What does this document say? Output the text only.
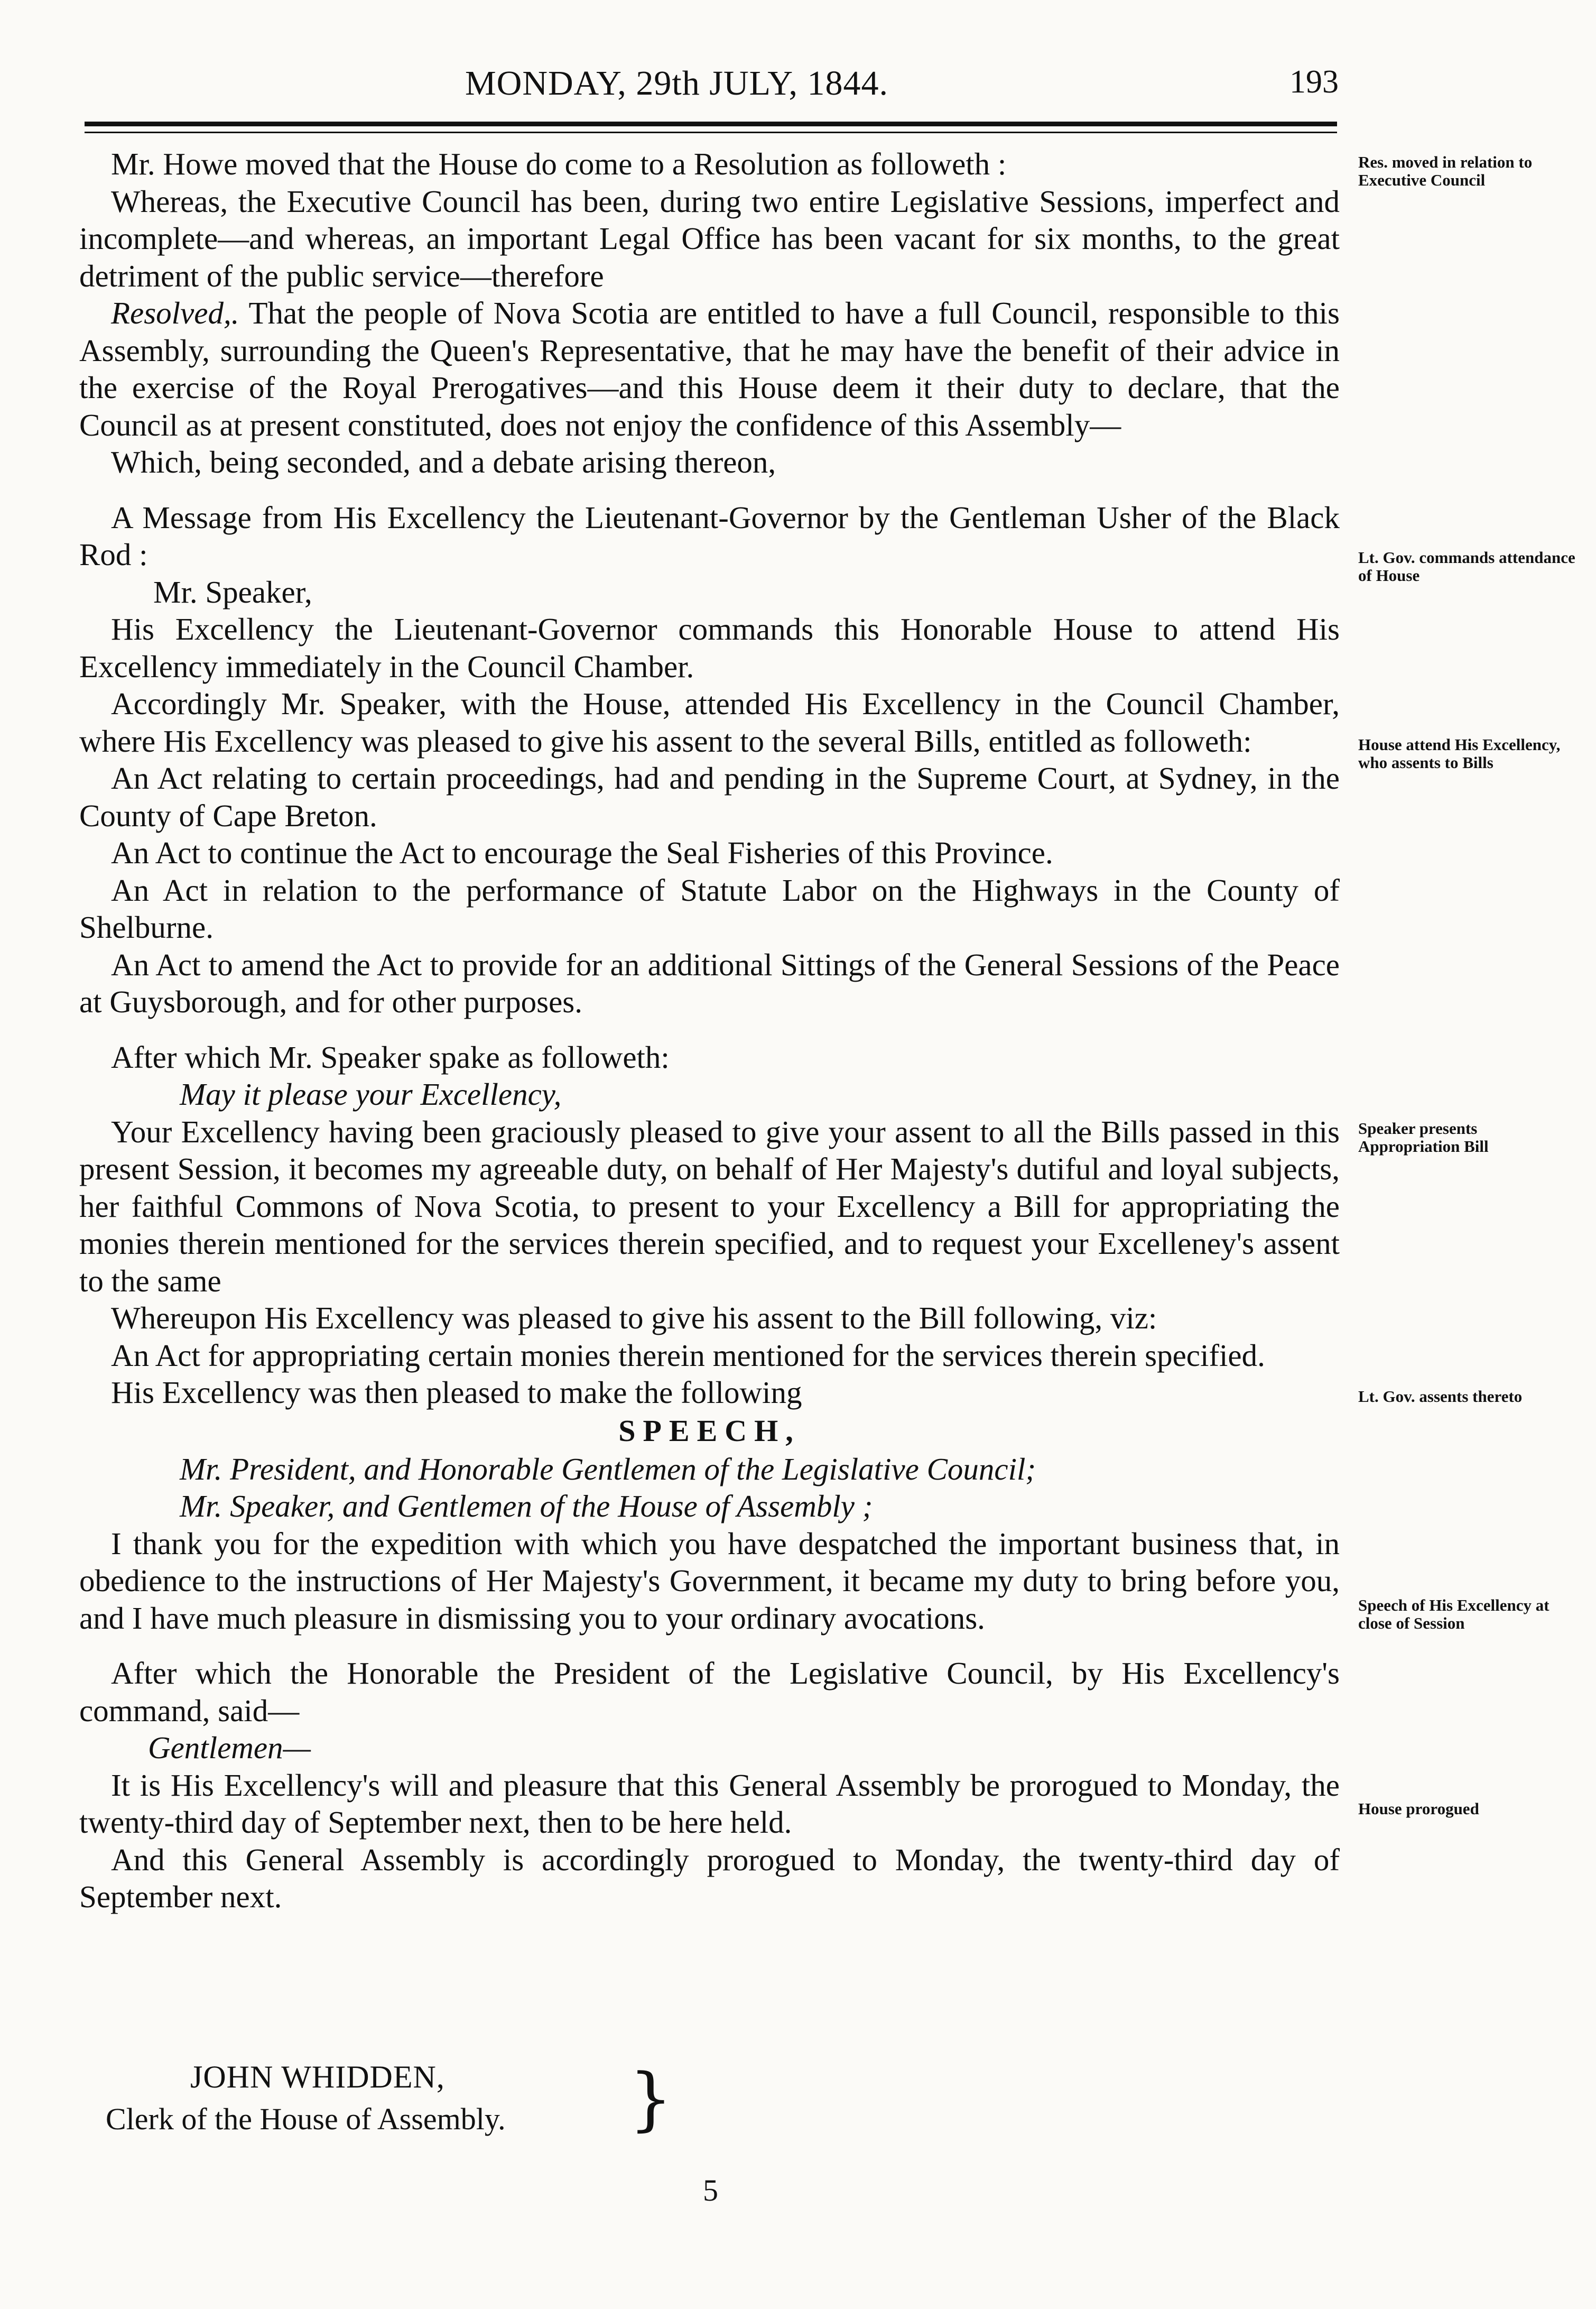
MONDAY, 29th JULY, 1844.	193

Mr. Howe moved that the House do come to a Resolution as followeth :

Whereas, the Executive Council has been, during two entire Legislative Sessions, imperfect and incomplete—and whereas, an important Legal Office has been vacant for six months, to the great detriment of the public service—therefore

Resolved,. That the people of Nova Scotia are entitled to have a full Council, responsible to this Assembly, surrounding the Queen's Representative, that he may have the benefit of their advice in the exercise of the Royal Prerogatives—and this House deem it their duty to declare, that the Council as at present constituted, does not enjoy the confidence of this Assembly—

Which, being seconded, and a debate arising thereon,

A Message from His Excellency the Lieutenant-Governor by the Gentleman Usher of the Black Rod :

Mr. Speaker,

His Excellency the Lieutenant-Governor commands this Honorable House to attend His Excellency immediately in the Council Chamber.

Accordingly Mr. Speaker, with the House, attended His Excellency in the Council Chamber, where His Excellency was pleased to give his assent to the several Bills, entitled as followeth:

An Act relating to certain proceedings, had and pending in the Supreme Court, at Sydney, in the County of Cape Breton.

An Act to continue the Act to encourage the Seal Fisheries of this Province.

An Act in relation to the performance of Statute Labor on the Highways in the County of Shelburne.

An Act to amend the Act to provide for an additional Sittings of the General Sessions of the Peace at Guysborough, and for other purposes.

After which Mr. Speaker spake as followeth:

May it please your Excellency,

Your Excellency having been graciously pleased to give your assent to all the Bills passed in this present Session, it becomes my agreeable duty, on behalf of Her Majesty's dutiful and loyal subjects, her faithful Commons of Nova Scotia, to present to your Excellency a Bill for appropriating the monies therein mentioned for the services therein specified, and to request your Excelleney's assent to the same

Whereupon His Excellency was pleased to give his assent to the Bill following, viz:

An Act for appropriating certain monies therein mentioned for the services therein specified.

His Excellency was then pleased to make the following

SPEECH,

Mr. President, and Honorable Gentlemen of the Legislative Council;

Mr. Speaker, and Gentlemen of the House of Assembly ;

I thank you for the expedition with which you have despatched the important business that, in obedience to the instructions of Her Majesty's Government, it became my duty to bring before you, and I have much pleasure in dismissing you to your ordinary avocations.

After which the Honorable the President of the Legislative Council, by His Excellency's command, said—

Gentlemen—

It is His Excellency's will and pleasure that this General Assembly be prorogued to Monday, the twenty-third day of September next, then to be here held.

And this General Assembly is accordingly prorogued to Monday, the twenty-third day of September next.

Res. moved in relation to Executive Council
Lt. Gov. commands attendance of House
House attend His Excellency, who assents to Bills
Speaker presents Appropriation Bill
Lt. Gov. assents thereto
Speech of His Excellency at close of Session
House prorogued
JOHN WHIDDEN,
Clerk of the House of Assembly. }
5
